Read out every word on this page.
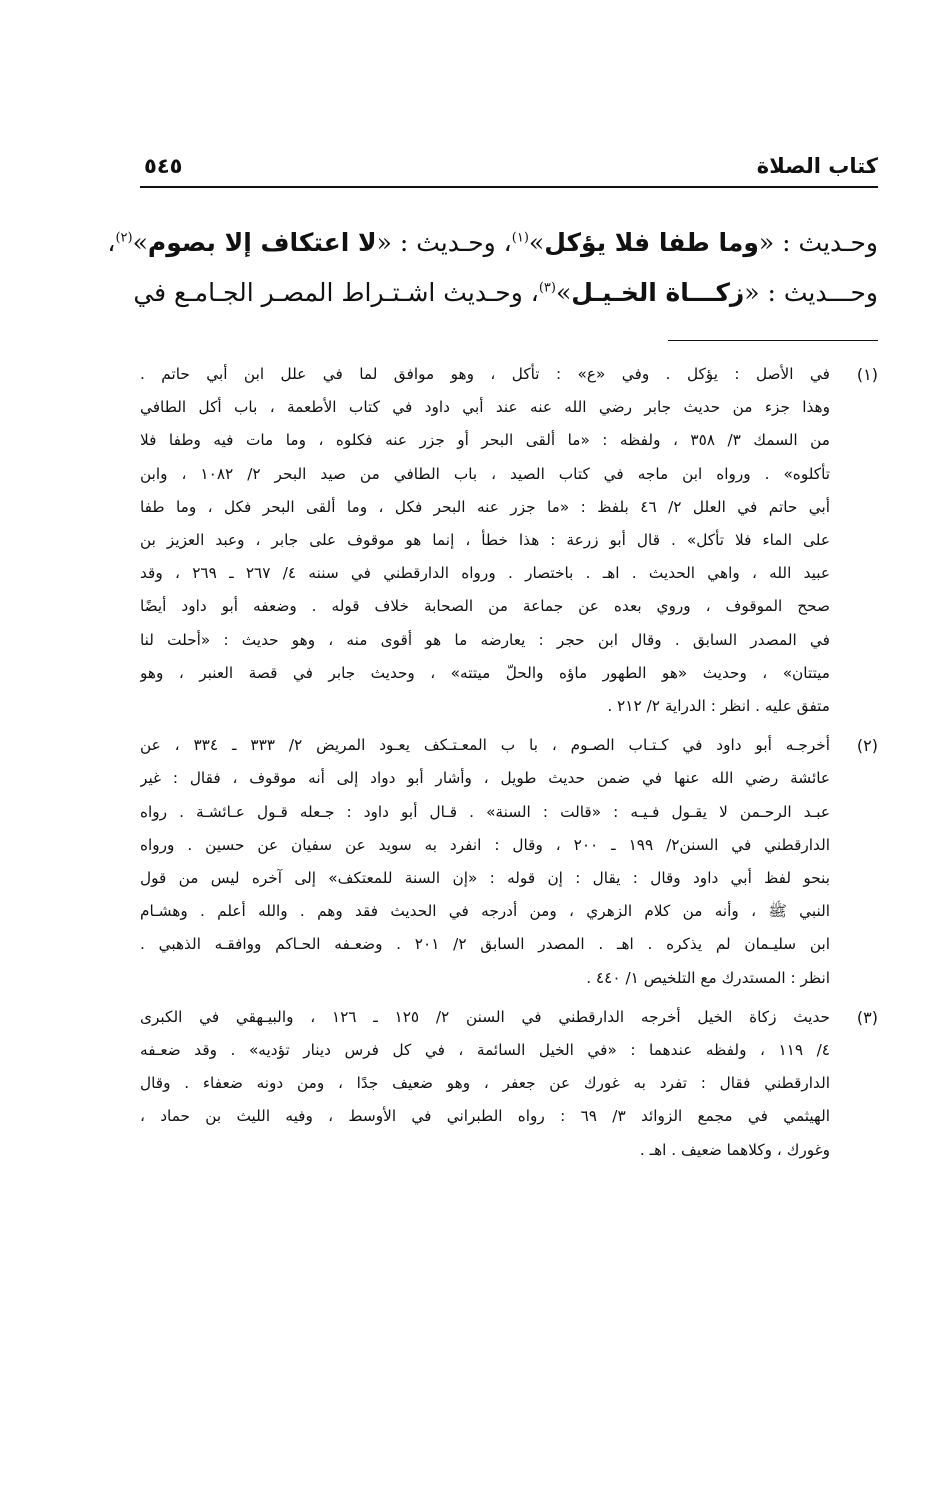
كتاب الصلاة
٥٤٥
وحـديث : «وما طفا فلا يؤكل»$^{(١)}$، وحـديث : «لا اعتكاف إلا بصوم»$^{(٢)}$،
وحـــديث : «زكـــاة الخـيـل»$^{(٣)}$، وحـديث اشـتـراط المصـر الجـامـع في
(١)
في الأصل : يؤكل . وفي «ع» : تأكل ، وهو موافق لما في علل ابن أبي حاتم .
وهذا جزء من حديث جابر رضي الله عنه عند أبي داود في كتاب الأطعمة ، باب أكل الطافي
من السمك ٣/ ٣٥٨ ، ولفظه : «ما ألقى البحر أو جزر عنه فكلوه ، وما مات فيه وطفا فلا
تأكلوه» . ورواه ابن ماجه في كتاب الصيد ، باب الطافي من صيد البحر ٢/ ١٠٨٢ ، وابن
أبي حاتم في العلل ٢/ ٤٦ بلفظ : «ما جزر عنه البحر فكل ، وما ألقى البحر فكل ، وما طفا
على الماء فلا تأكل» . قال أبو زرعة : هذا خطأ ، إنما هو موقوف على جابر ، وعبد العزيز بن
عبيد الله ، واهي الحديث . اهـ . باختصار . ورواه الدارقطني في سننه ٤/ ٢٦٧ ـ ٢٦٩ ، وقد
صحح الموقوف ، وروي بعده عن جماعة من الصحابة خلاف قوله . وضعفه أبو داود أيضًا
في المصدر السابق . وقال ابن حجر : يعارضه ما هو أقوى منه ، وهو حديث : «أحلت لنا
ميتتان» ، وحديث «هو الطهور ماؤه والحلّ ميتته» ، وحديث جابر في قصة العنبر ، وهو
متفق عليه . انظر : الدراية ٢/ ٢١٢ .
(٢)
أخرجـه أبو داود في كـتـاب الصـوم ، با ب المعـتـكف يعـود المريض ٢/ ٣٣٣ ـ ٣٣٤ ، عن
عائشة رضي الله عنها في ضمن حديث طويل ، وأشار أبو دواد إلى أنه موقوف ، فقال : غير
عبـد الرحـمن لا يقـول فـيـه : «قالت : السنة» . قـال أبو داود : جـعله قـول عـائشـة . رواه
الدارقطني في السنن٢/ ١٩٩ ـ ٢٠٠ ، وقال : انفرد به سويد عن سفيان عن حسين . ورواه
بنحو لفظ أبي داود وقال : يقال : إن قوله : «إن السنة للمعتكف» إلى آخره ليس من قول
النبي ﷺ ، وأنه من كلام الزهري ، ومن أدرجه في الحديث فقد وهم . والله أعلم . وهشـام
ابن سليـمان لم يذكره . اهـ . المصدر السابق ٢/ ٢٠١ . وضعـفه الحـاكم ووافقـه الذهبي .
انظر : المستدرك مع التلخيص ١/ ٤٤٠ .
(٣)
حديث زكاة الخيل أخرجه الدارقطني في السنن ٢/ ١٢٥ ـ ١٢٦ ، والبيـهقي في الكبرى
٤/ ١١٩ ، ولفظه عندهما : «في الخيل السائمة ، في كل فرس دينار تؤديه» . وقد ضعـفه
الدارقطني فقال : تفرد به غورك عن جعفر ، وهو ضعيف جدًا ، ومن دونه ضعفاء . وقال
الهيثمي في مجمع الزوائد ٣/ ٦٩ : رواه الطبراني في الأوسط ، وفيه الليث بن حماد ،
وغورك ، وكلاهما ضعيف . اهـ .
